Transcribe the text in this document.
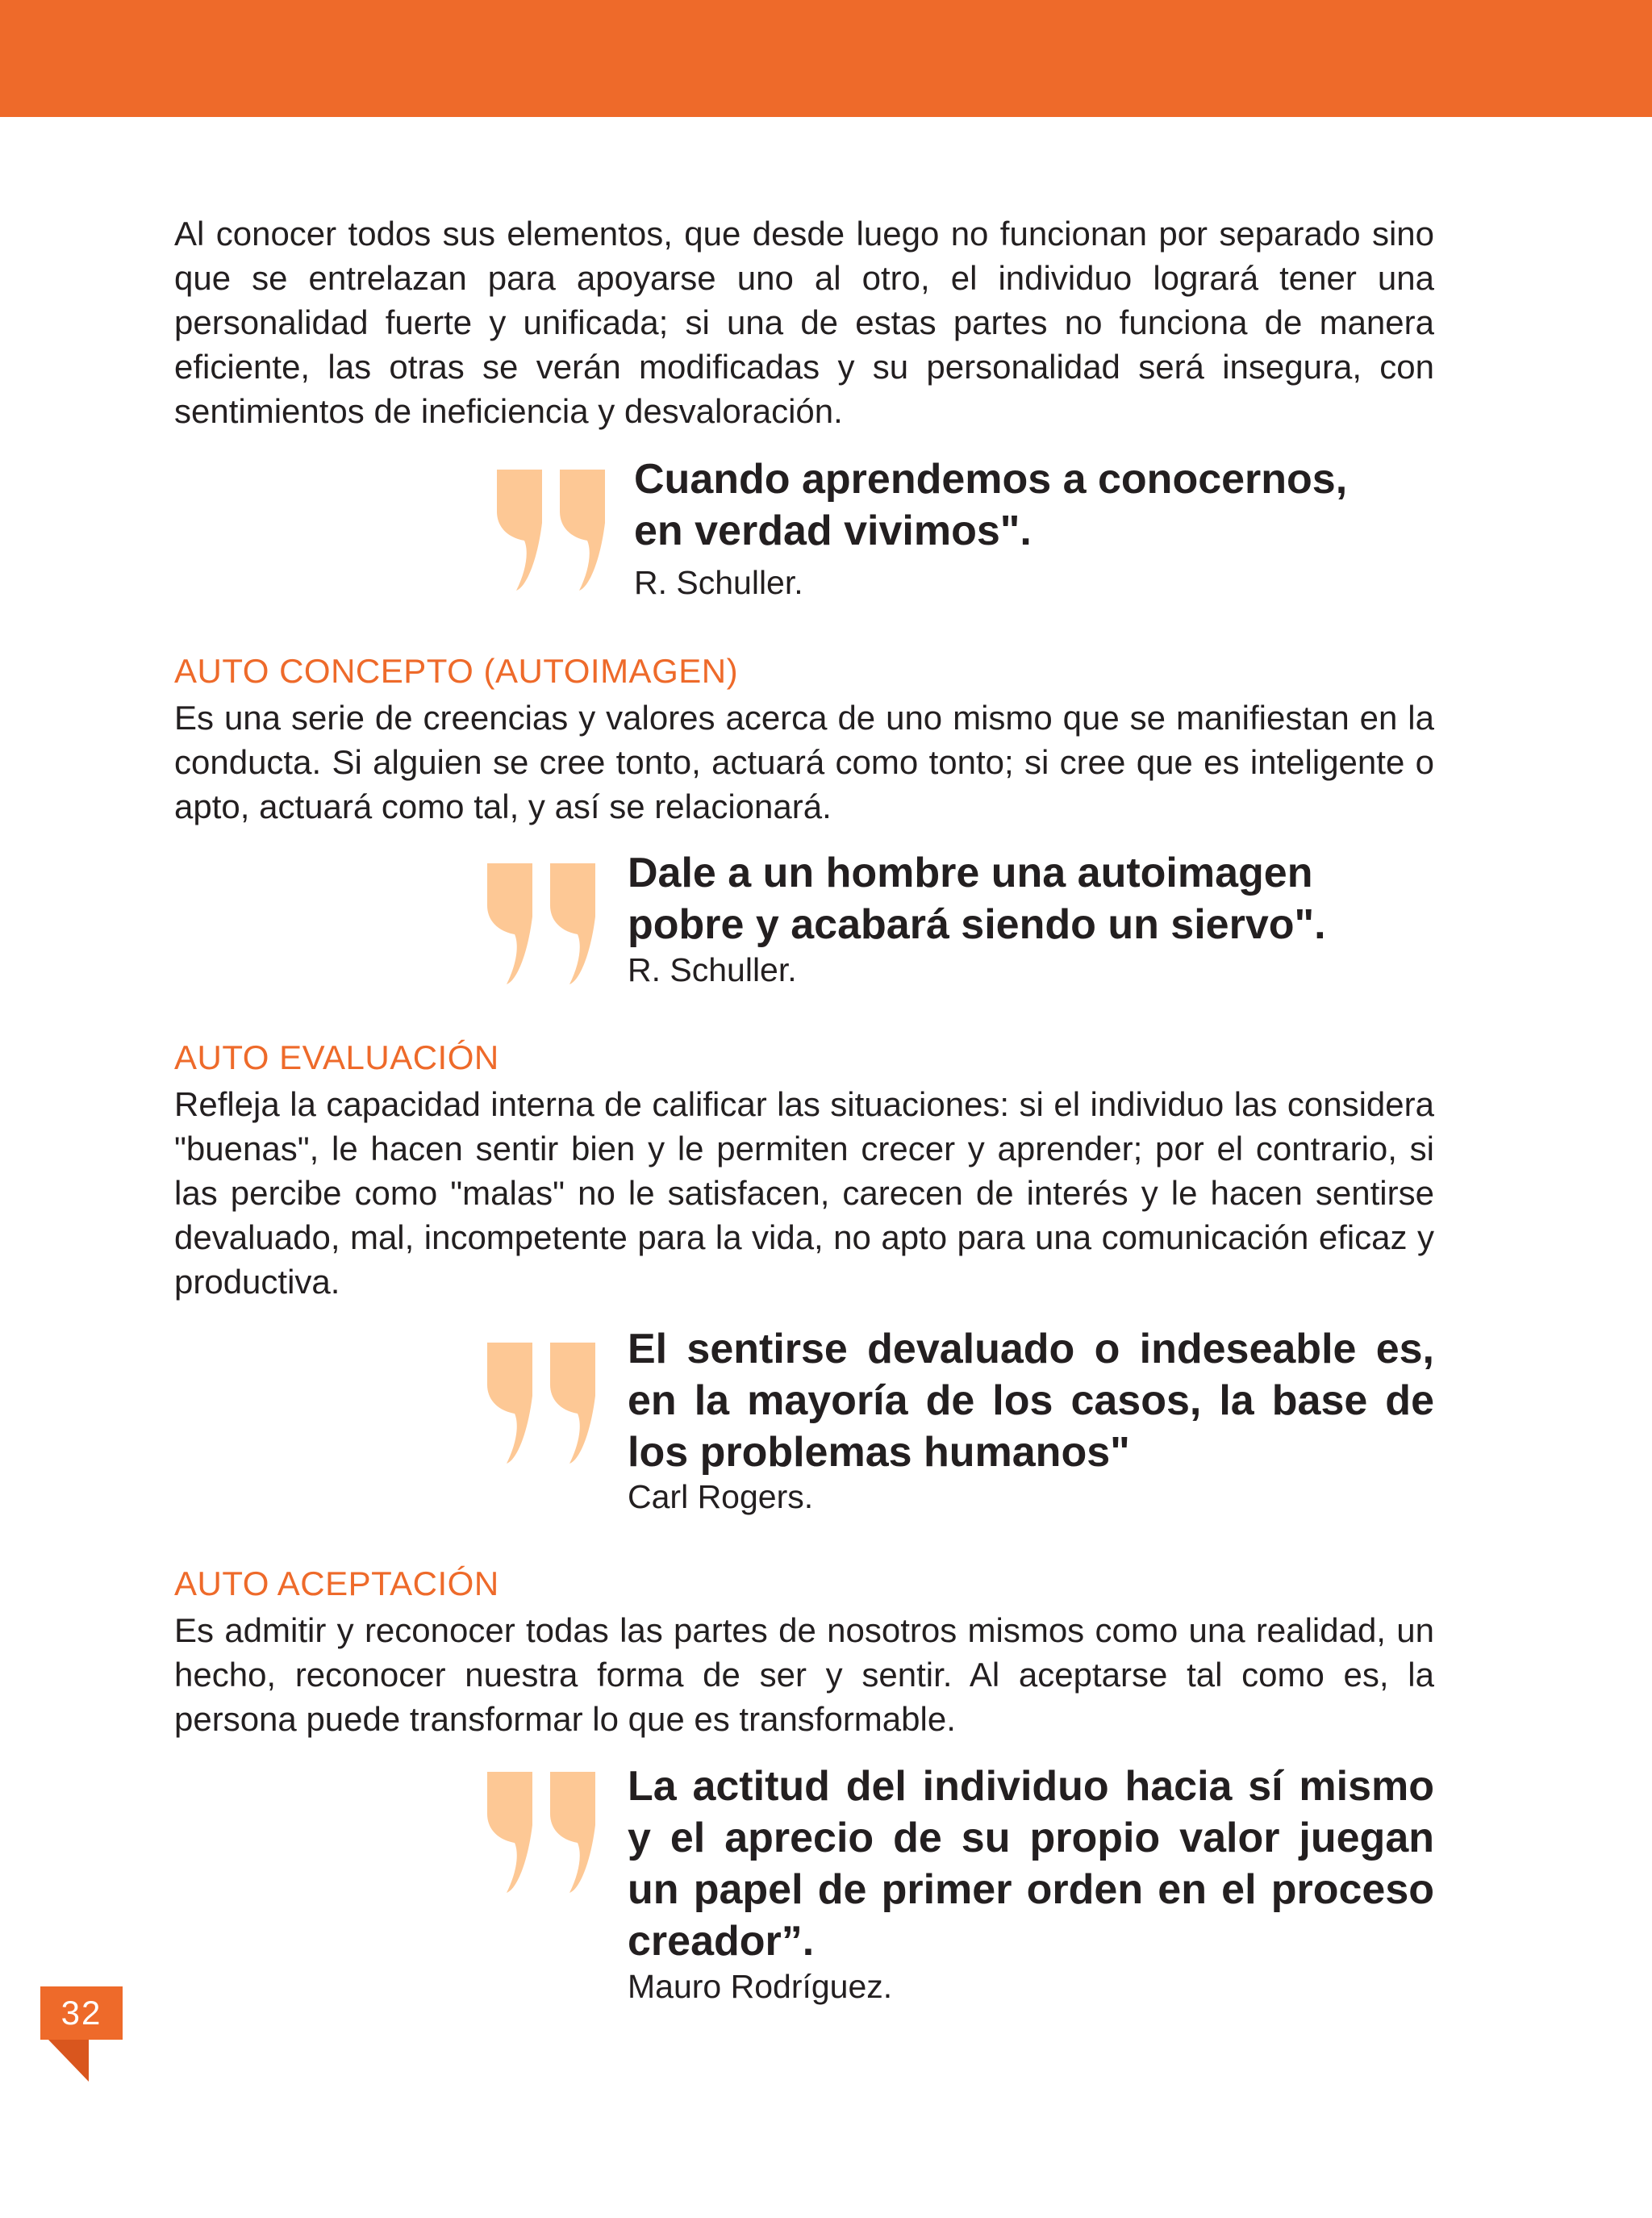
Al conocer todos sus elementos, que desde luego no funcionan por separado sino que se entrelazan para apoyarse uno al otro, el individuo logrará tener una personalidad fuerte y unificada; si una de estas partes no funciona de manera eficiente, las otras se verán modificadas y su personalidad será insegura, con sentimientos de ineficiencia y desvaloración.

Cuando aprendemos a conocernos, en verdad vivimos".

R. Schuller.

AUTO CONCEPTO (AUTOIMAGEN)

Es una serie de creencias y valores acerca de uno mismo que se manifiestan en la conducta. Si alguien se cree tonto, actuará como tonto; si cree que es inteligente o apto, actuará como tal, y así se relacionará.

Dale a un hombre una autoimagen pobre y acabará siendo un siervo".

R. Schuller.

AUTO EVALUACIÓN

Refleja la capacidad interna de calificar las situaciones: si el individuo las considera "buenas", le hacen sentir bien y le permiten crecer y aprender; por el contrario, si las percibe como "malas" no le satisfacen, carecen de interés y le hacen sentirse devaluado, mal, incompetente para la vida, no apto para una comunicación eficaz y productiva.

El sentirse devaluado o indeseable es, en la mayoría de los casos, la base de los problemas humanos"

Carl Rogers.

AUTO ACEPTACIÓN

Es admitir y reconocer todas las partes de nosotros mismos como una realidad, un hecho, reconocer nuestra forma de ser y sentir. Al aceptarse tal como es, la persona puede transformar lo que es transformable.

La actitud del individuo hacia sí mismo y el aprecio de su propio valor juegan un papel de primer orden en el proceso creador”.

Mauro Rodríguez.

32
